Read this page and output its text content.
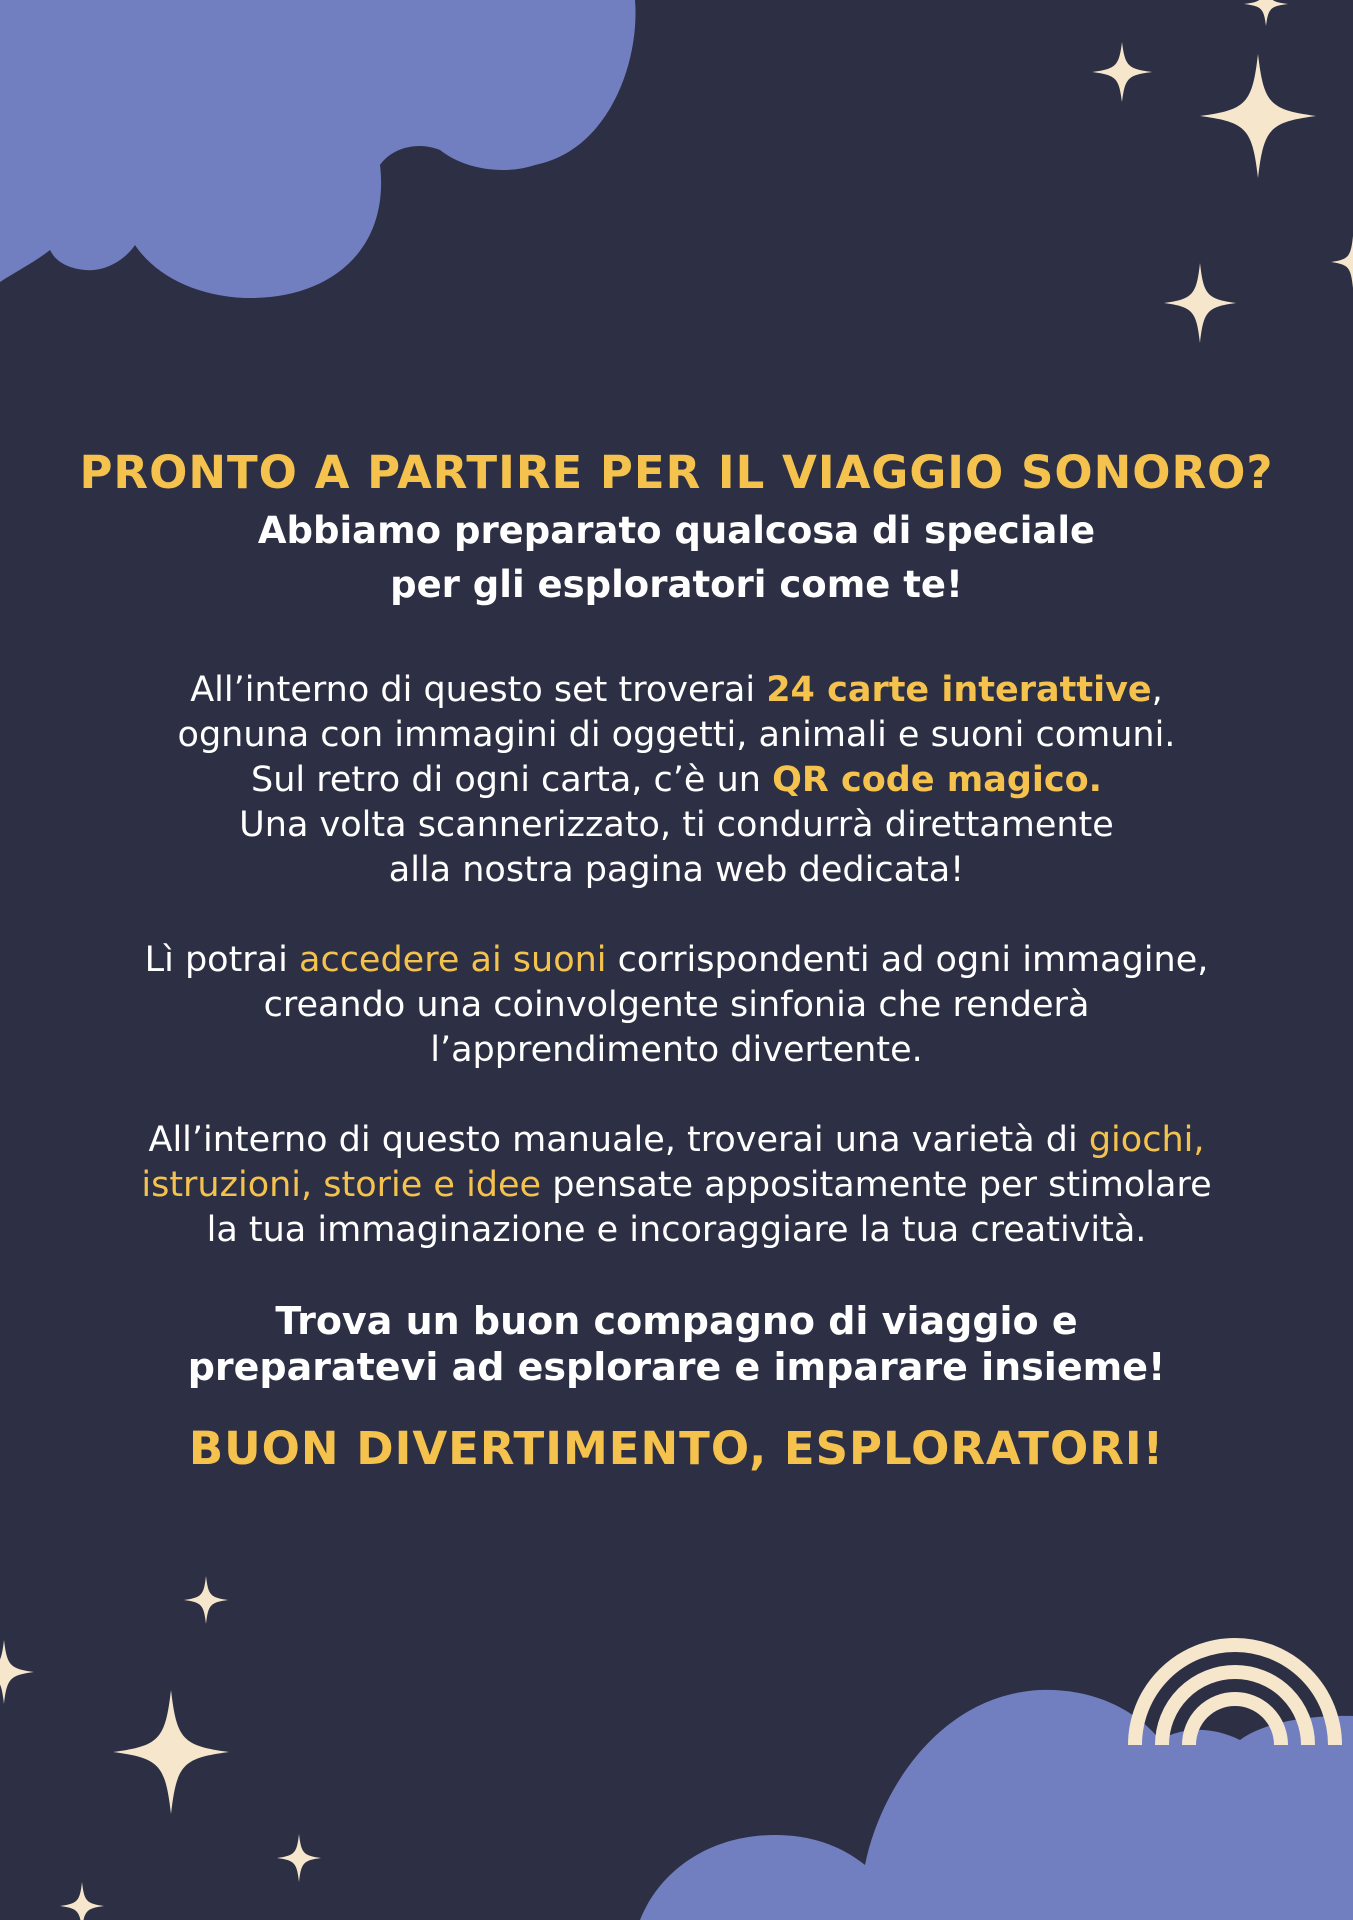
PRONTO A PARTIRE PER IL VIAGGIO SONORO?
Abbiamo preparato qualcosa di speciale
per gli esploratori come te!
All’interno di questo set troverai 24 carte interattive,
ognuna con immagini di oggetti, animali e suoni comuni.
Sul retro di ogni carta, c’è un QR code magico.
Una volta scannerizzato, ti condurrà direttamente
alla nostra pagina web dedicata!
Lì potrai accedere ai suoni corrispondenti ad ogni immagine,
creando una coinvolgente sinfonia che renderà
l’apprendimento divertente.
All’interno di questo manuale, troverai una varietà di giochi,
istruzioni, storie e idee pensate appositamente per stimolare
la tua immaginazione e incoraggiare la tua creatività.
Trova un buon compagno di viaggio e
preparatevi ad esplorare e imparare insieme!
BUON DIVERTIMENTO, ESPLORATORI!
